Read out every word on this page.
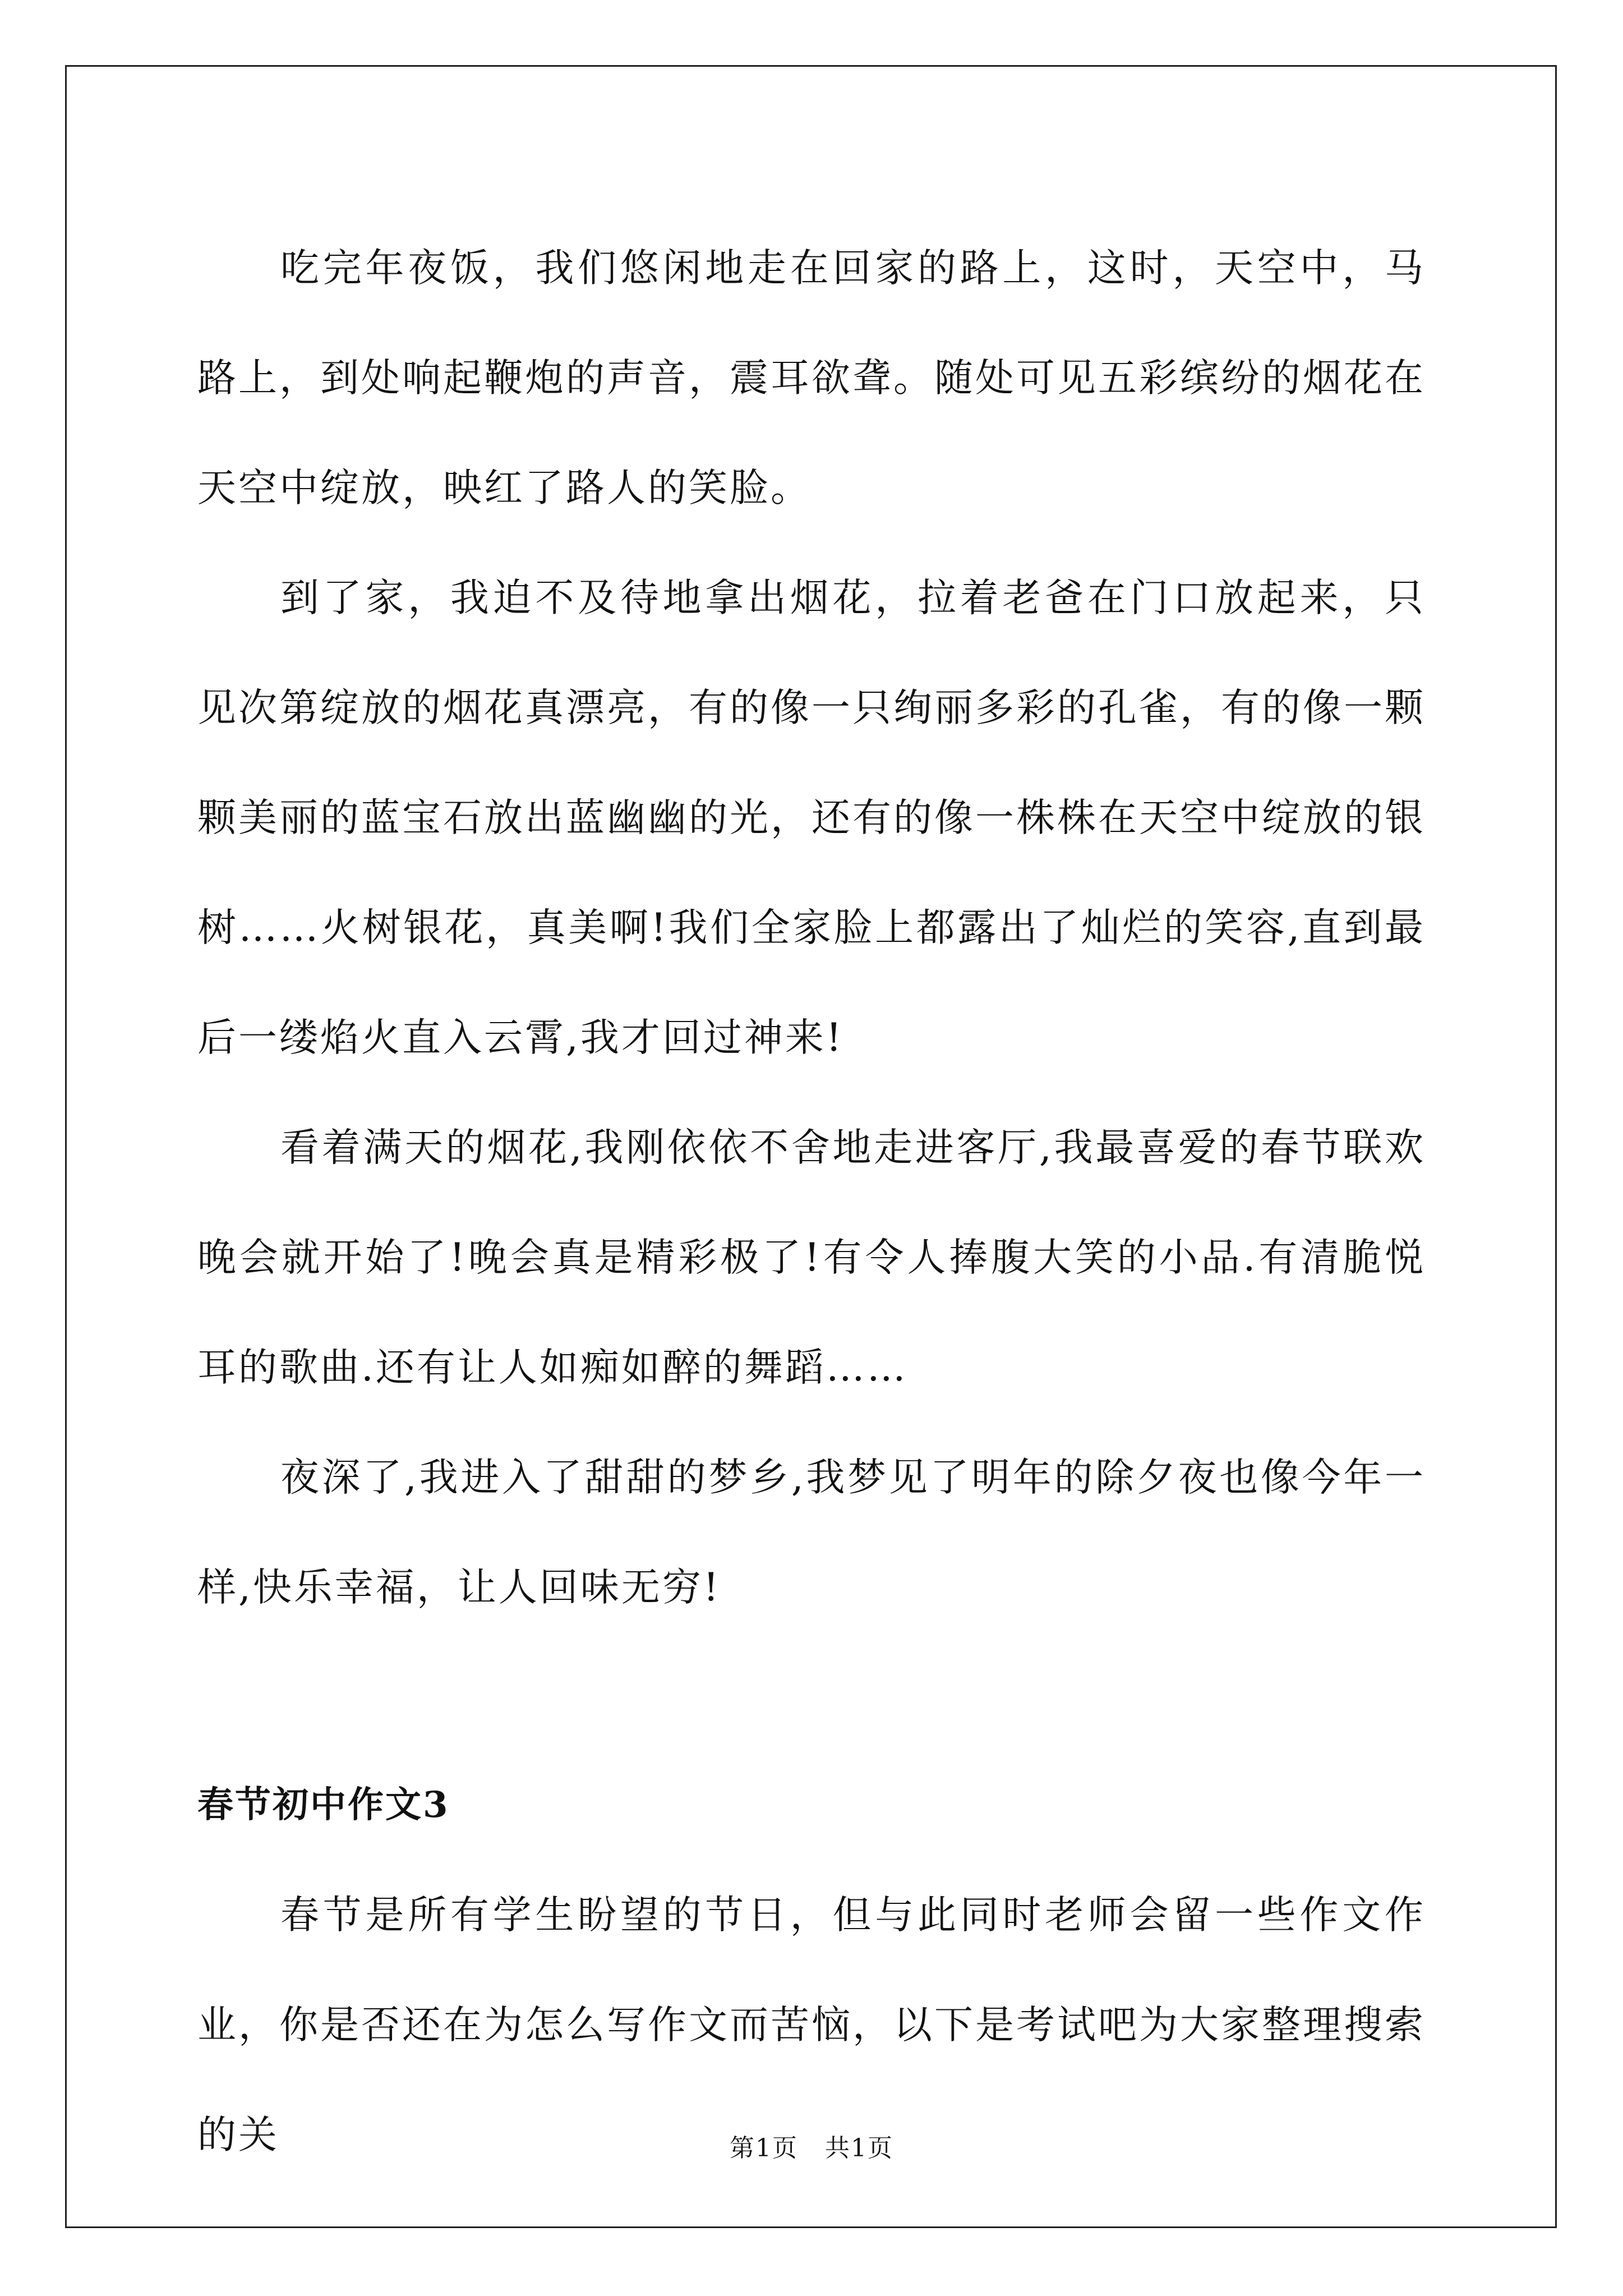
吃完年夜饭，我们悠闲地走在回家的路上，这时，天空中，马路上，到处响起鞭炮的声音，震耳欲聋。随处可见五彩缤纷的烟花在天空中绽放，映红了路人的笑脸。

到了家，我迫不及待地拿出烟花，拉着老爸在门口放起来，只见次第绽放的烟花真漂亮，有的像一只绚丽多彩的孔雀，有的像一颗颗美丽的蓝宝石放出蓝幽幽的光，还有的像一株株在天空中绽放的银树……火树银花，真美啊!我们全家脸上都露出了灿烂的笑容,直到最后一缕焰火直入云霄,我才回过神来!

看着满天的烟花,我刚依依不舍地走进客厅,我最喜爱的春节联欢晚会就开始了!晚会真是精彩极了!有令人捧腹大笑的小品.有清脆悦耳的歌曲.还有让人如痴如醉的舞蹈……

夜深了,我进入了甜甜的梦乡,我梦见了明年的除夕夜也像今年一样,快乐幸福，让人回味无穷!

春节初中作文3

春节是所有学生盼望的节日，但与此同时老师会留一些作文作业，你是否还在为怎么写作文而苦恼，以下是考试吧为大家整理搜索的关	第1页 共1页
